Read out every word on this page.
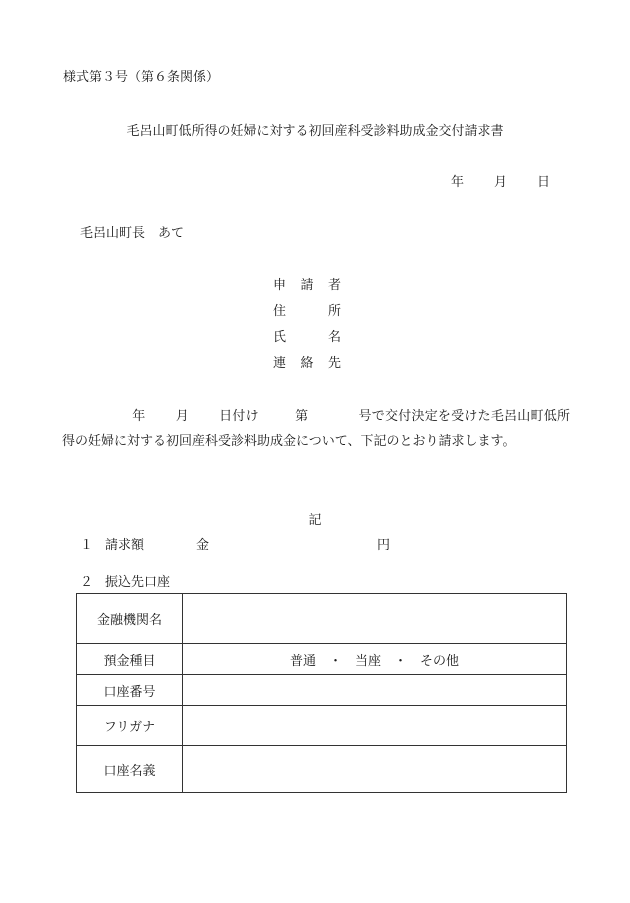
様式第３号（第６条関係）
毛呂山町低所得の妊婦に対する初回産科受診料助成金交付請求書
年 月 日
毛呂山町長　あて
申請者
住所
氏名
連絡先
年 月 日付け	第	号で交付決定を受けた毛呂山町低所得の妊婦に対する初回産科受診料助成金について、下記のとおり請求します。
記
１ 請求額	金	円
２ 振込先口座
金融機関名	
預金種目	普通　・　当座　・　その他
口座番号	
フリガナ	
口座名義	
